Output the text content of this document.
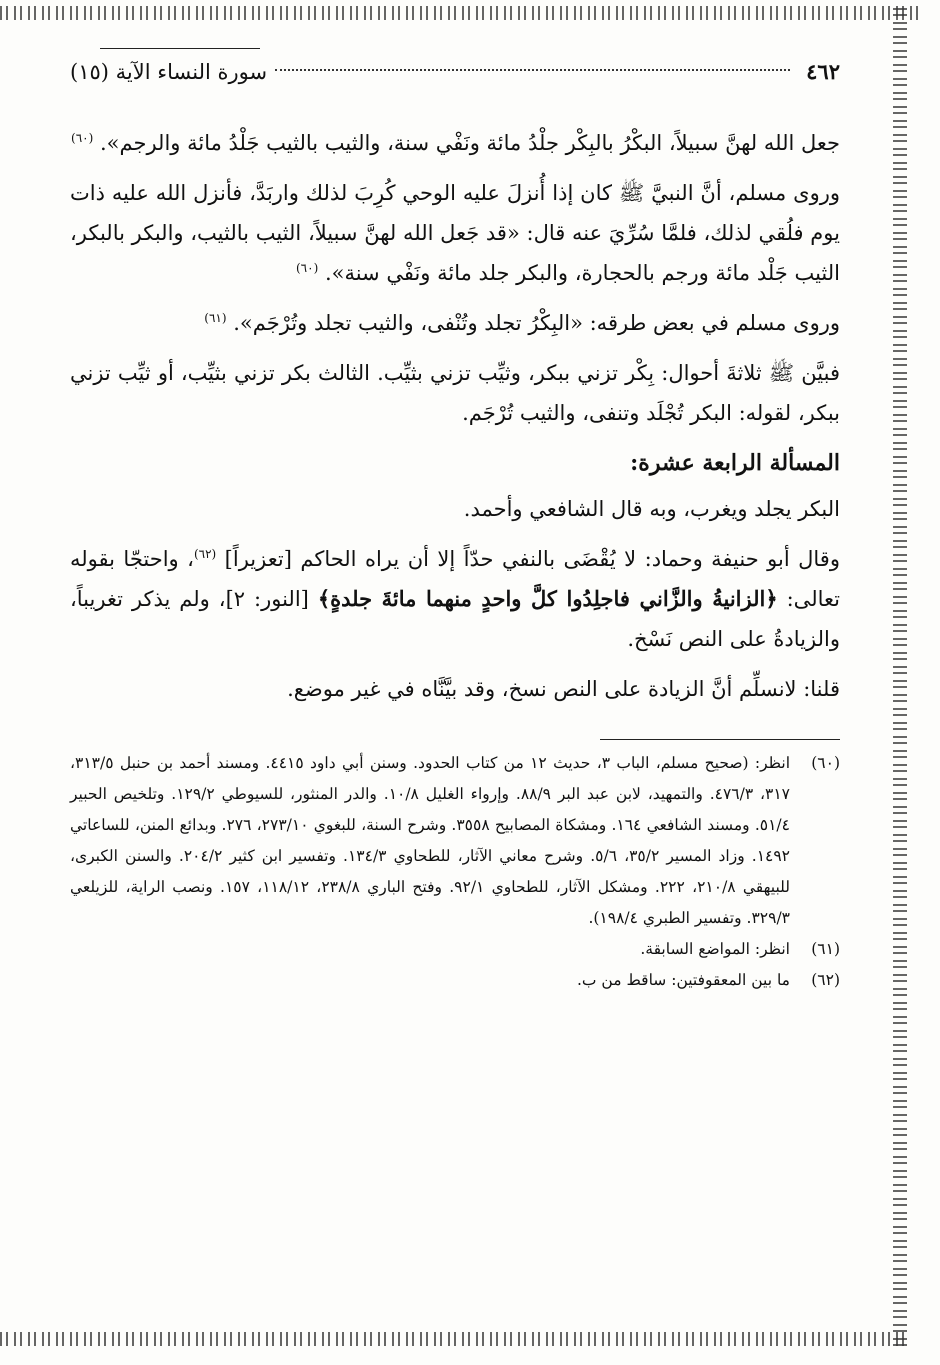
٤٦٢
سورة النساء الآية (١٥)

جعل الله لهنَّ سبيلاً، البكْرُ بالبِكْر جلْدُ مائة ونَفْي سنة، والثيب بالثيب جَلْدُ مائة والرجم». $^{(٦٠)}$

وروى مسلم، أنَّ النبيَّ ﷺ كان إذا أُنزلَ عليه الوحي كُرِبَ لذلك واربَدَّ، فأنزل الله عليه ذات يوم فلُقي لذلك، فلمَّا سُرِّيَ عنه قال: «قد جَعل الله لهنَّ سبيلاً، الثيب بالثيب، والبكر بالبكر، الثيب جَلْد مائة ورجم بالحجارة، والبكر جلد مائة ونَفْي سنة». $^{(٦٠)}$

وروى مسلم في بعض طرقه: «البِكْرُ تجلد وتُنْفى، والثيب تجلد وتُرْجَم». $^{(٦١)}$

فبيَّن ﷺ ثلاثةَ أحوال: بِكْر تزني ببكر، وثيِّب تزني بثيِّب. الثالث بكر تزني بثيِّب، أو ثيِّب تزني ببكر، لقوله: البكر تُجْلَد وتنفى، والثيب تُرْجَم.

المسألة الرابعة عشرة:

البكر يجلد ويغرب، وبه قال الشافعي وأحمد.

وقال أبو حنيفة وحماد: لا يُقْضَى بالنفي حدّاً إلا أن يراه الحاكم [تعزيراً] $^{(٦٢)}$، واحتجّا بقوله تعالى: ﴿الزانيةُ والزَّاني فاجلِدُوا كلَّ واحدٍ منهما مائةَ جلدةٍ﴾ [النور: ٢]، ولم يذكر تغريباً، والزيادةُ على النص نَسْخ.

قلنا: لانسلِّم أنَّ الزيادة على النص نسخ، وقد بيَّنَّاه في غير موضع.

(٦٠)
انظر: (صحيح مسلم، الباب ٣، حديث ١٢ من كتاب الحدود. وسنن أبي داود ٤٤١٥. ومسند أحمد بن حنبل ٣١٣/٥، ٣١٧، ٤٧٦/٣. والتمهيد، لابن عبد البر ٨٨/٩. وإرواء الغليل ١٠/٨. والدر المنثور، للسيوطي ١٢٩/٢. وتلخيص الحبير ٥١/٤. ومسند الشافعي ١٦٤. ومشكاة المصابيح ٣٥٥٨. وشرح السنة، للبغوي ٢٧٣/١٠، ٢٧٦. وبدائع المنن، للساعاتي ١٤٩٢. وزاد المسير ٣٥/٢، ٥/٦. وشرح معاني الآثار، للطحاوي ١٣٤/٣. وتفسير ابن كثير ٢٠٤/٢. والسنن الكبرى، للبيهقي ٢١٠/٨، ٢٢٢. ومشكل الآثار، للطحاوي ٩٢/١. وفتح الباري ٢٣٨/٨، ١١٨/١٢، ١٥٧. ونصب الراية، للزيلعي ٣٢٩/٣. وتفسير الطبري ١٩٨/٤).
(٦١)
انظر: المواضع السابقة.
(٦٢)
ما بين المعقوفتين: ساقط من ب.
